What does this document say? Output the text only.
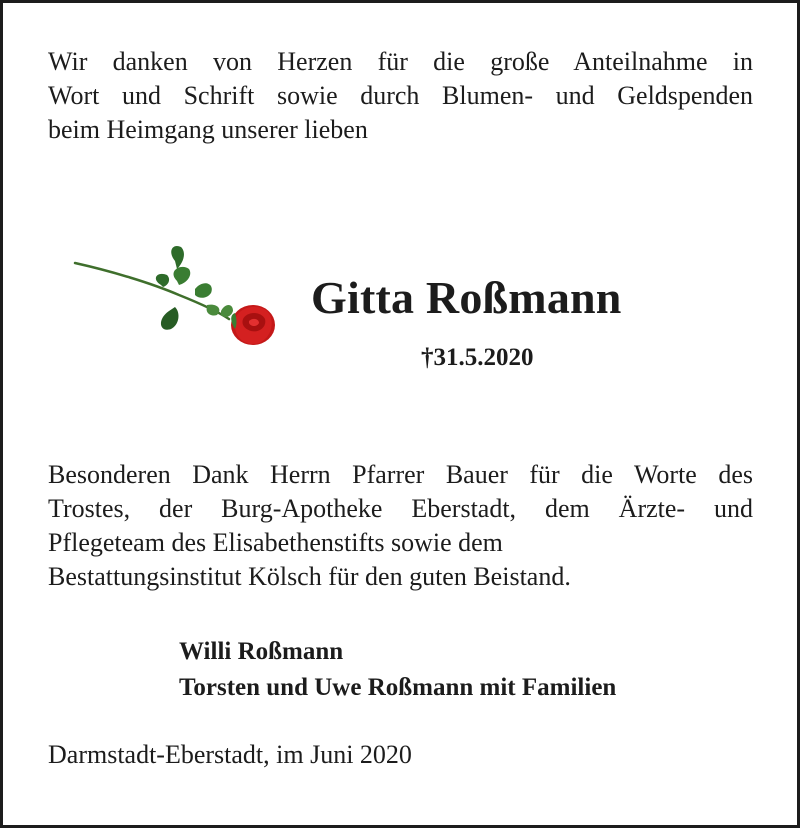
Wir danken von Herzen für die große Anteilnahme in
Wort und Schrift sowie durch Blumen- und Geldspenden
beim Heimgang unserer lieben
Gitta Roßmann
†31.5.2020
Besonderen Dank Herrn Pfarrer Bauer für die Worte des
Trostes, der Burg-Apotheke Eberstadt, dem Ärzte- und
Pflegeteam des Elisabethenstifts sowie dem
Bestattungsinstitut Kölsch für den guten Beistand.
Willi Roßmann
Torsten und Uwe Roßmann mit Familien
Darmstadt-Eberstadt, im Juni 2020
